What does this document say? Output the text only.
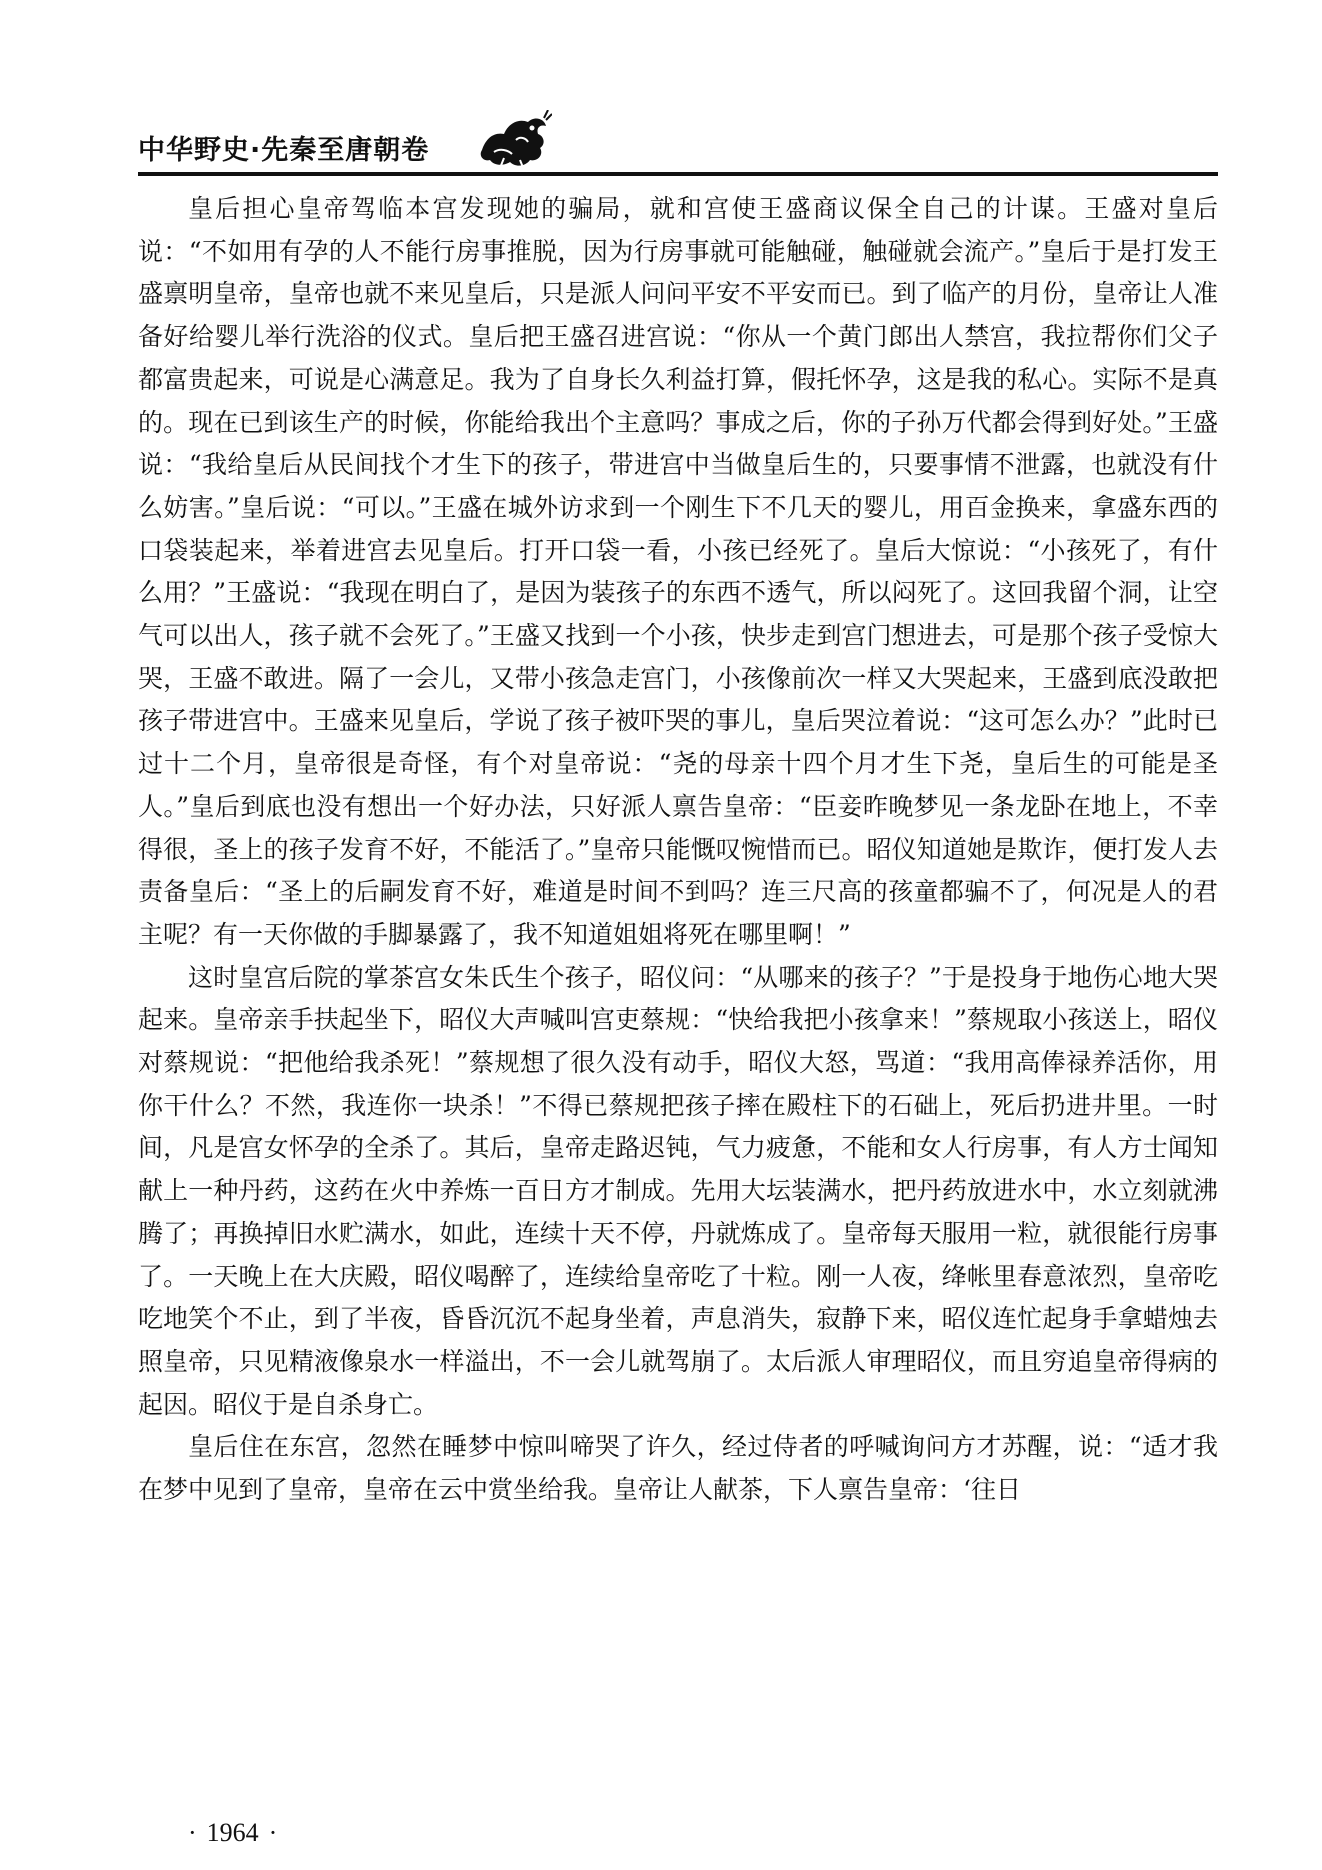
中华野史·先秦至唐朝卷

皇后担心皇帝驾临本宫发现她的骗局，就和宫使王盛商议保全自己的计谋。王盛对皇后说：“不如用有孕的人不能行房事推脱，因为行房事就可能触碰，触碰就会流产。”皇后于是打发王盛禀明皇帝，皇帝也就不来见皇后，只是派人问问平安不平安而已。到了临产的月份，皇帝让人准备好给婴儿举行洗浴的仪式。皇后把王盛召进宫说：“你从一个黄门郎出人禁宫，我拉帮你们父子都富贵起来，可说是心满意足。我为了自身长久利益打算，假托怀孕，这是我的私心。实际不是真的。现在已到该生产的时候，你能给我出个主意吗？事成之后，你的子孙万代都会得到好处。”王盛说：“我给皇后从民间找个才生下的孩子，带进宫中当做皇后生的，只要事情不泄露，也就没有什么妨害。”皇后说：“可以。”王盛在城外访求到一个刚生下不几天的婴儿，用百金换来，拿盛东西的口袋装起来，举着进宫去见皇后。打开口袋一看，小孩已经死了。皇后大惊说：“小孩死了，有什么用？”王盛说：“我现在明白了，是因为装孩子的东西不透气，所以闷死了。这回我留个洞，让空气可以出人，孩子就不会死了。”王盛又找到一个小孩，快步走到宫门想进去，可是那个孩子受惊大哭，王盛不敢进。隔了一会儿，又带小孩急走宫门，小孩像前次一样又大哭起来，王盛到底没敢把孩子带进宫中。王盛来见皇后，学说了孩子被吓哭的事儿，皇后哭泣着说：“这可怎么办？”此时已过十二个月，皇帝很是奇怪，有个对皇帝说：“尧的母亲十四个月才生下尧，皇后生的可能是圣人。”皇后到底也没有想出一个好办法，只好派人禀告皇帝：“臣妾昨晚梦见一条龙卧在地上，不幸得很，圣上的孩子发育不好，不能活了。”皇帝只能慨叹惋惜而已。昭仪知道她是欺诈，便打发人去责备皇后：“圣上的后嗣发育不好，难道是时间不到吗？连三尺高的孩童都骗不了，何况是人的君主呢？有一天你做的手脚暴露了，我不知道姐姐将死在哪里啊！”

这时皇宫后院的掌茶宫女朱氏生个孩子，昭仪问：“从哪来的孩子？”于是投身于地伤心地大哭起来。皇帝亲手扶起坐下，昭仪大声喊叫宫吏蔡规：“快给我把小孩拿来！”蔡规取小孩送上，昭仪对蔡规说：“把他给我杀死！”蔡规想了很久没有动手，昭仪大怒，骂道：“我用高俸禄养活你，用你干什么？不然，我连你一块杀！”不得已蔡规把孩子摔在殿柱下的石础上，死后扔进井里。一时间，凡是宫女怀孕的全杀了。其后，皇帝走路迟钝，气力疲惫，不能和女人行房事，有人方士闻知献上一种丹药，这药在火中养炼一百日方才制成。先用大坛装满水，把丹药放进水中，水立刻就沸腾了；再换掉旧水贮满水，如此，连续十天不停，丹就炼成了。皇帝每天服用一粒，就很能行房事了。一天晚上在大庆殿，昭仪喝醉了，连续给皇帝吃了十粒。刚一人夜，绛帐里春意浓烈，皇帝吃吃地笑个不止，到了半夜，昏昏沉沉不起身坐着，声息消失，寂静下来，昭仪连忙起身手拿蜡烛去照皇帝，只见精液像泉水一样溢出，不一会儿就驾崩了。太后派人审理昭仪，而且穷追皇帝得病的起因。昭仪于是自杀身亡。

皇后住在东宫，忽然在睡梦中惊叫啼哭了许久，经过侍者的呼喊询问方才苏醒，说：“适才我在梦中见到了皇帝，皇帝在云中赏坐给我。皇帝让人献茶，下人禀告皇帝：‘往日

· 1964 ·
